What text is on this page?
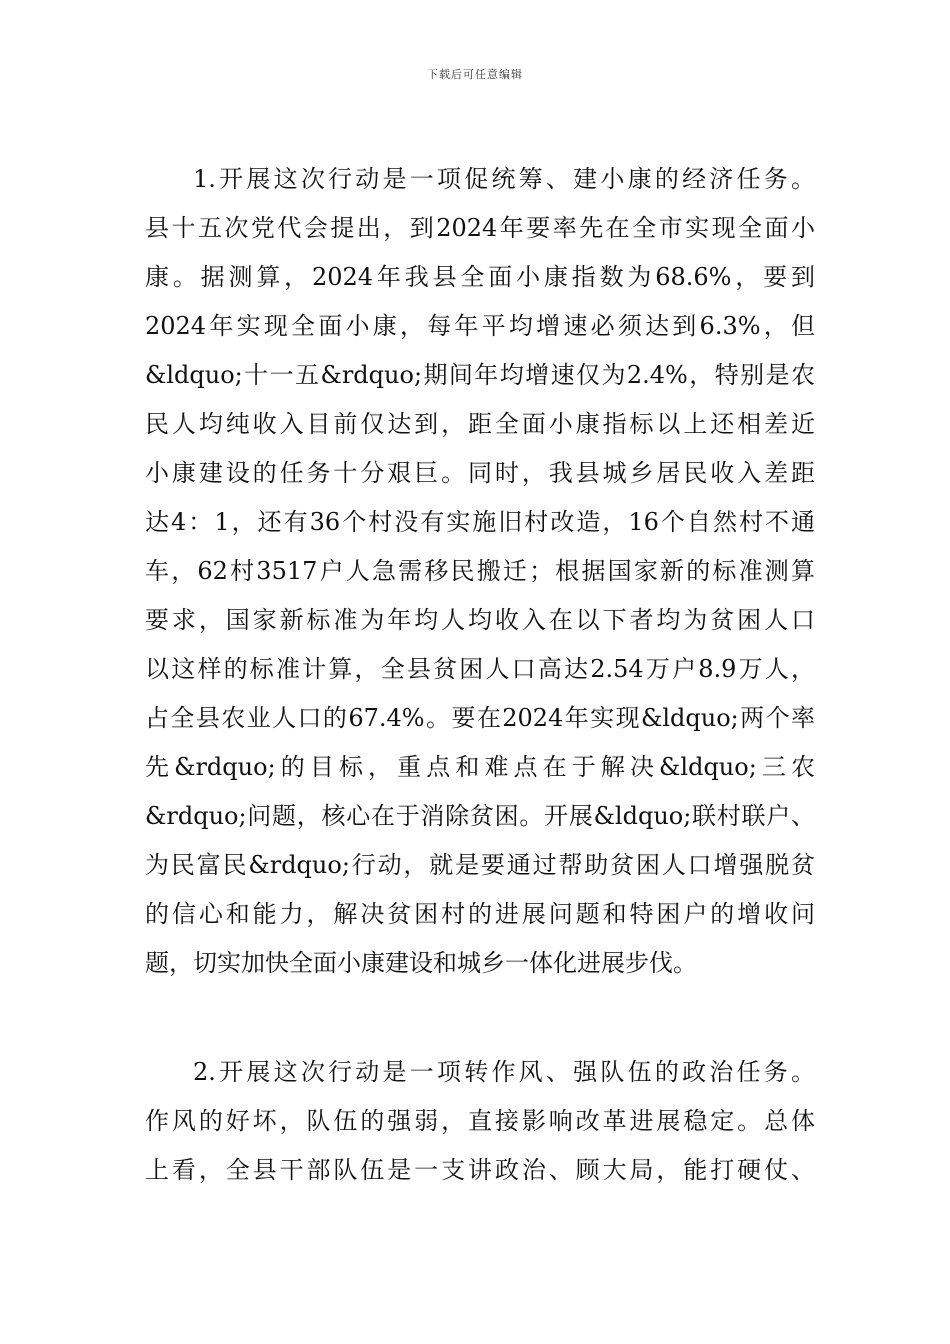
下载后可任意编辑
1.开展这次行动是一项促统筹、建小康的经济任务。
县十五次党代会提出，到2024年要率先在全市实现全面小
康。据测算，2024年我县全面小康指数为68.6%，要到
2024年实现全面小康，每年平均增速必须达到6.3%，但
&ldquo;十一五&rdquo;期间年均增速仅为2.4%，特别是农
民人均纯收入目前仅达到，距全面小康指标以上还相差近
小康建设的任务十分艰巨。同时，我县城乡居民收入差距
达4：1，还有36个村没有实施旧村改造，16个自然村不通
车，62村3517户人急需移民搬迁；根据国家新的标准测算
要求，国家新标准为年均人均收入在以下者均为贫困人口
以这样的标准计算，全县贫困人口高达2.54万户8.9万人，
占全县农业人口的67.4%。要在2024年实现&ldquo;两个率
先&rdquo;的目标，重点和难点在于解决&ldquo;三农
&rdquo;问题，核心在于消除贫困。开展&ldquo;联村联户、
为民富民&rdquo;行动，就是要通过帮助贫困人口增强脱贫
的信心和能力，解决贫困村的进展问题和特困户的增收问
题，切实加快全面小康建设和城乡一体化进展步伐。
2.开展这次行动是一项转作风、强队伍的政治任务。
作风的好坏，队伍的强弱，直接影响改革进展稳定。总体
上看，全县干部队伍是一支讲政治、顾大局，能打硬仗、
